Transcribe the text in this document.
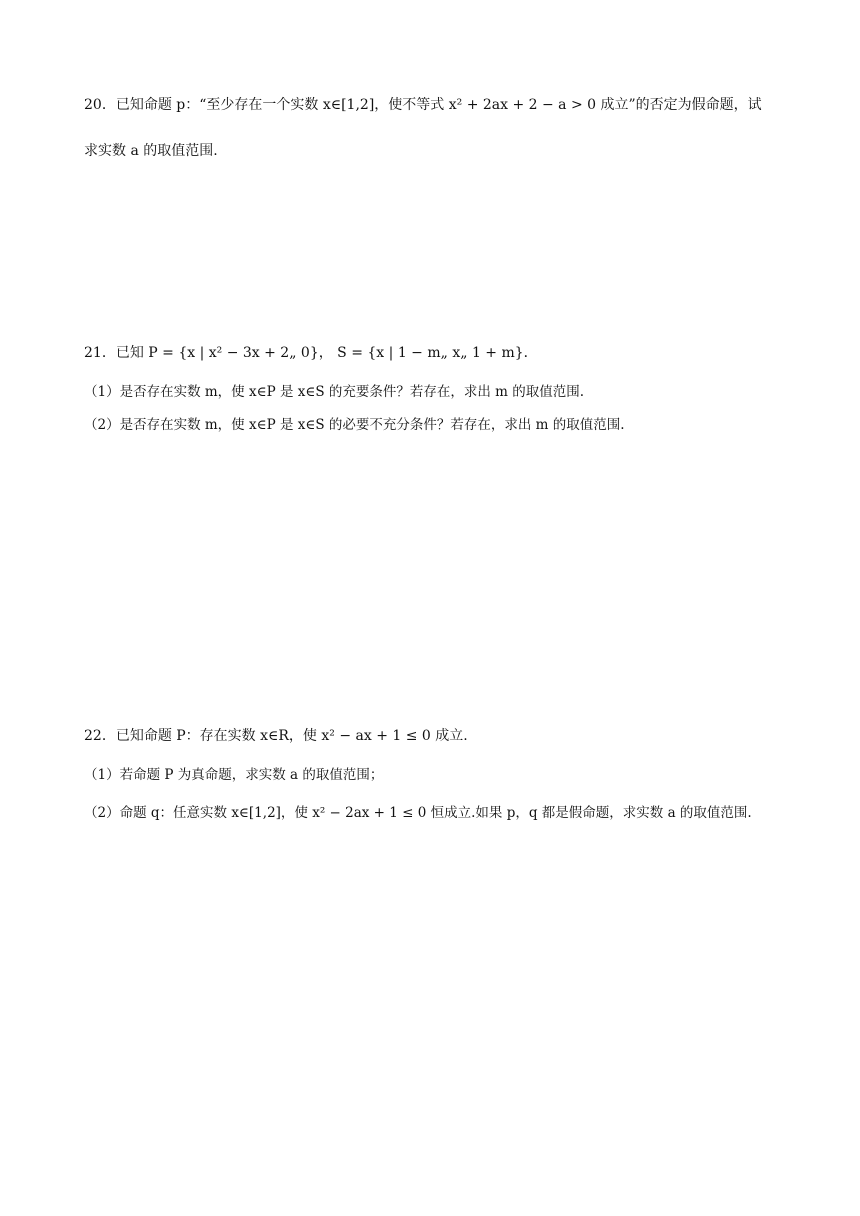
20．已知命题 p：“至少存在一个实数 x∈[1,2]，使不等式 x² + 2ax + 2 − a > 0 成立”的否定为假命题，试
求实数 a 的取值范围.
21．已知 P = {x | x² − 3x + 2„ 0}， S = {x | 1 − m„ x„ 1 + m}．
（1）是否存在实数 m，使 x∈P 是 x∈S 的充要条件？若存在，求出 m 的取值范围.
（2）是否存在实数 m，使 x∈P 是 x∈S 的必要不充分条件？若存在，求出 m 的取值范围.
22．已知命题 P：存在实数 x∈R，使 x² − ax + 1 ≤ 0 成立.
（1）若命题 P 为真命题，求实数 a 的取值范围；
（2）命题 q：任意实数 x∈[1,2]，使 x² − 2ax + 1 ≤ 0 恒成立.如果 p，q 都是假命题，求实数 a 的取值范围.
